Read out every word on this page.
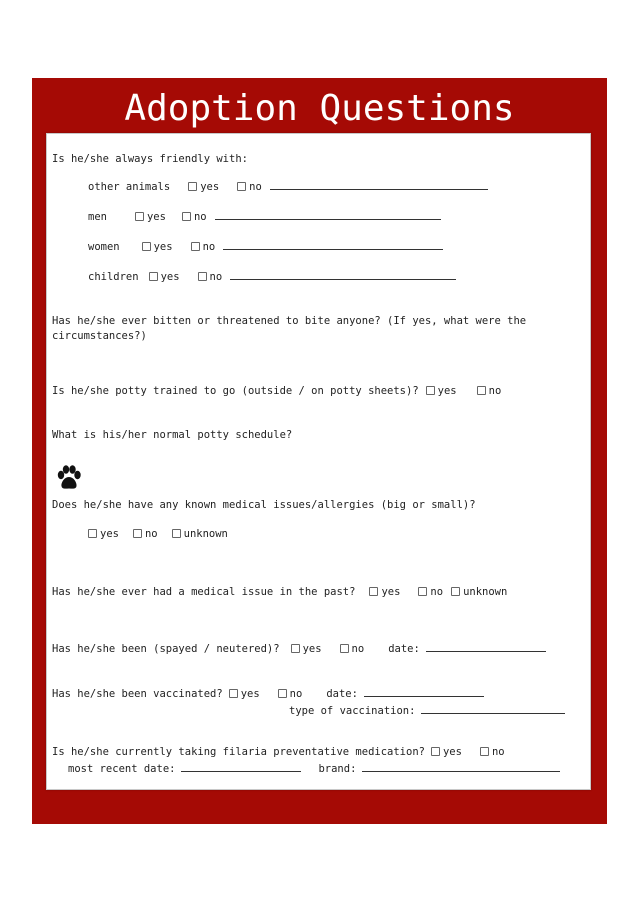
Adoption Questions
Is he/she always friendly with:
other animals	yes	no
men	yes	no
women	yes	no
children yes	no
Has he/she ever bitten or threatened to bite anyone? (If yes, what were the
circumstances?)
Is he/she potty trained to go (outside / on potty sheets)? yes	no
What is his/her normal potty schedule?
Does he/she have any known medical issues/allergies (big or small)?
yes no unknown
Has he/she ever had a medical issue in the past? yes	no unknown
Has he/she been (spayed / neutered)? yes	no date:
Has he/she been vaccinated? yes	no date:
type of vaccination:
Is he/she currently taking filaria preventative medication? yes	no
most recent date:	brand:
